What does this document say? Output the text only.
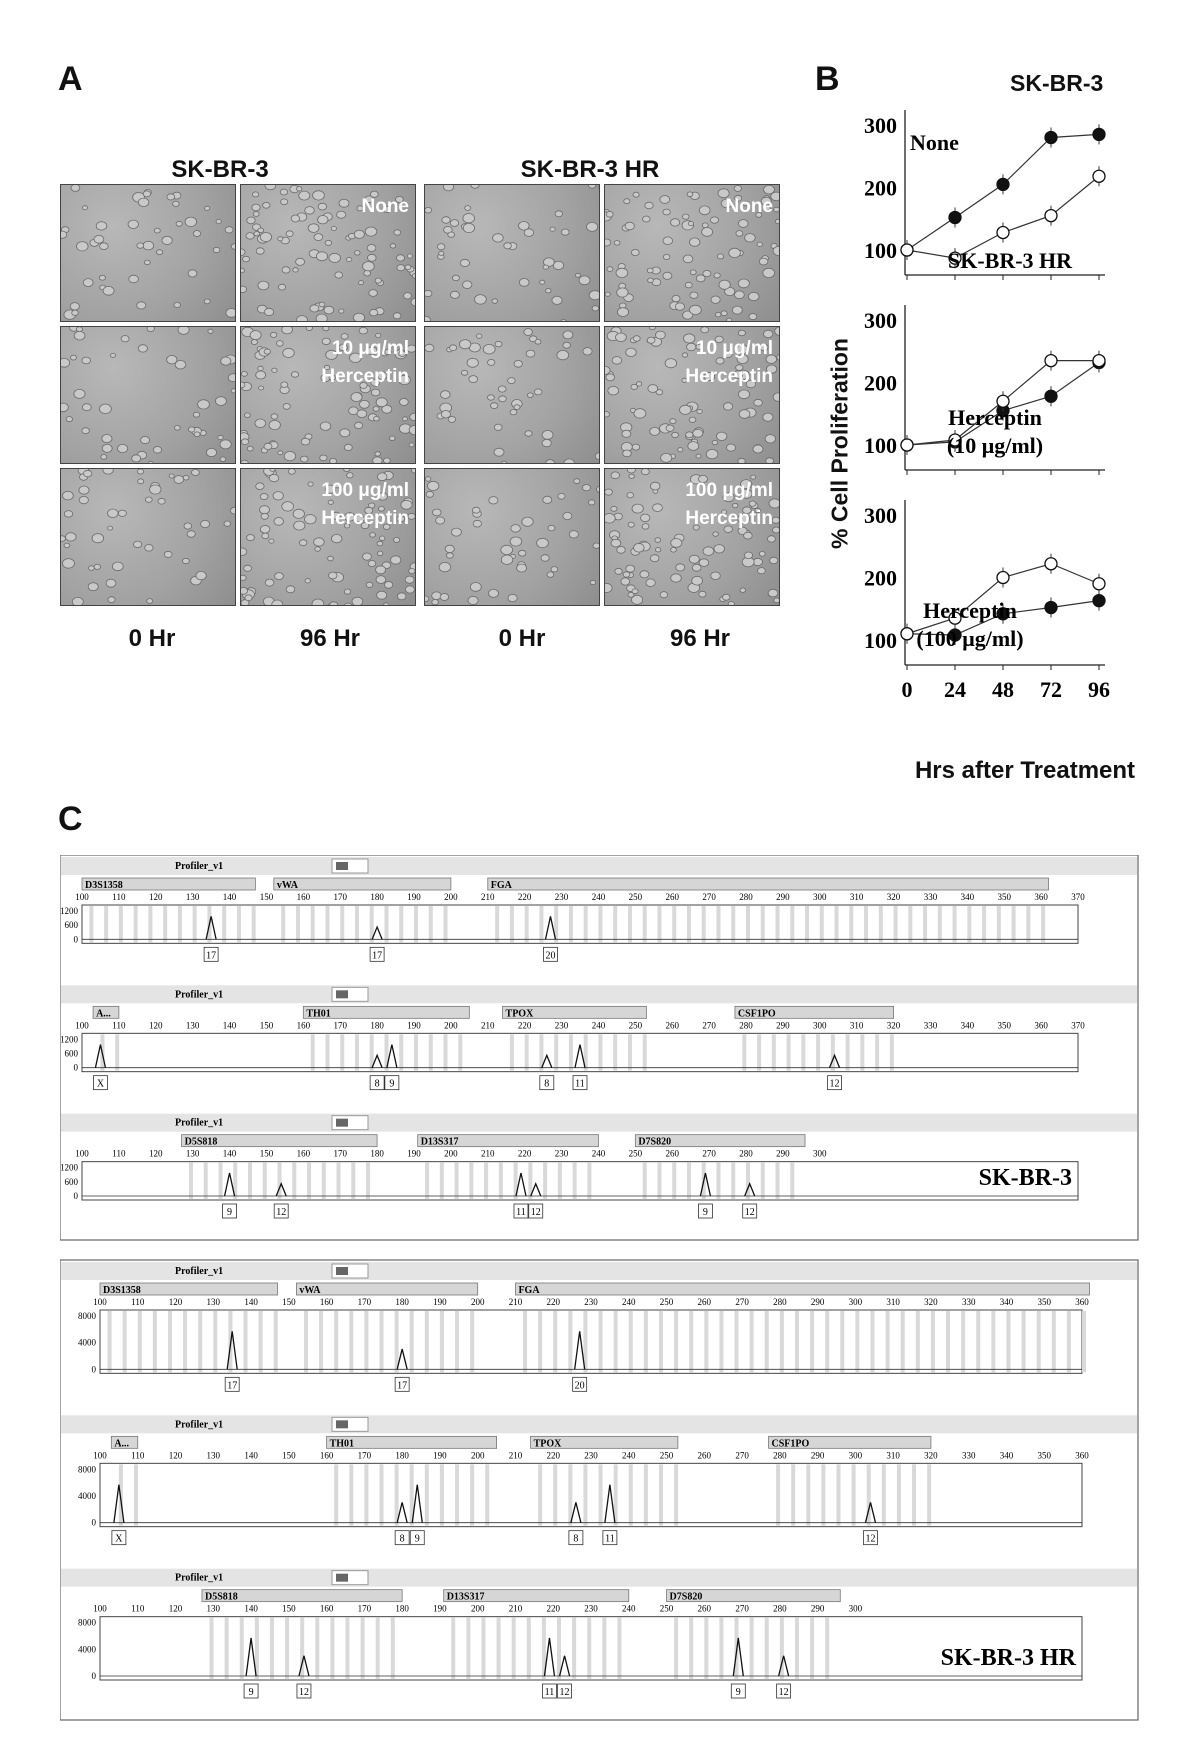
A
SK-BR-3	SK-BR-3 HR
None	None
10 μg/ml
Herceptin
10 μg/ml
Herceptin
100 μg/ml
Herceptin
100 μg/ml
Herceptin
0 Hr	96 Hr	0 Hr	96 Hr
B	SK-BR-3
% Cell Proliferation
100
200
300
None
SK-BR-3 HR
100
200
300
Herceptin
(10 μg/ml)
100
200
300
Herceptin
(100 μg/ml)
0 24 48 72 96
Hrs after Treatment
C
Profiler_v1
D3S1358	vWA	FGA
100	110	120	130	140	150	160	170	180	190	200	210	220	230	240	250	260	270	280	290	300	310	320	330	340	350	360	370
1200
600
0
17	17	20
Profiler_v1
A...	TH01	TPOX	CSF1PO
100	110	120	130	140	150	160	170	180	190	200	210	220	230	240	250	260	270	280	290	300	310	320	330	340	350	360	370
1200
600
0
X	8 9	8	11	12
Profiler_v1
D5S818	D13S317	D7S820
100	110	120	130	140	150	160	170	180	190	200	210	220	230	240	250	260	270	280	290	300
1200
600
0
9	12	11 12	9	12
SK-BR-3
Profiler_v1
D3S1358	vWA	FGA
100	110	120	130	140	150	160	170	180	190	200	210	220	230	240	250	260	270	280	290	300	310	320	330	340	350	360
8000
4000
0
17	17	20
Profiler_v1
A...	TH01	TPOX	CSF1PO
100	110	120	130	140	150	160	170	180	190	200	210	220	230	240	250	260	270	280	290	300	310	320	330	340	350	360
8000
4000
0
X	8 9	8	11	12
Profiler_v1
D5S818	D13S317	D7S820
100	110	120	130	140	150	160	170	180	190	200	210	220	230	240	250	260	270	280	290	300
8000
4000
0
9	12	11 12	9	12
SK-BR-3 HR
